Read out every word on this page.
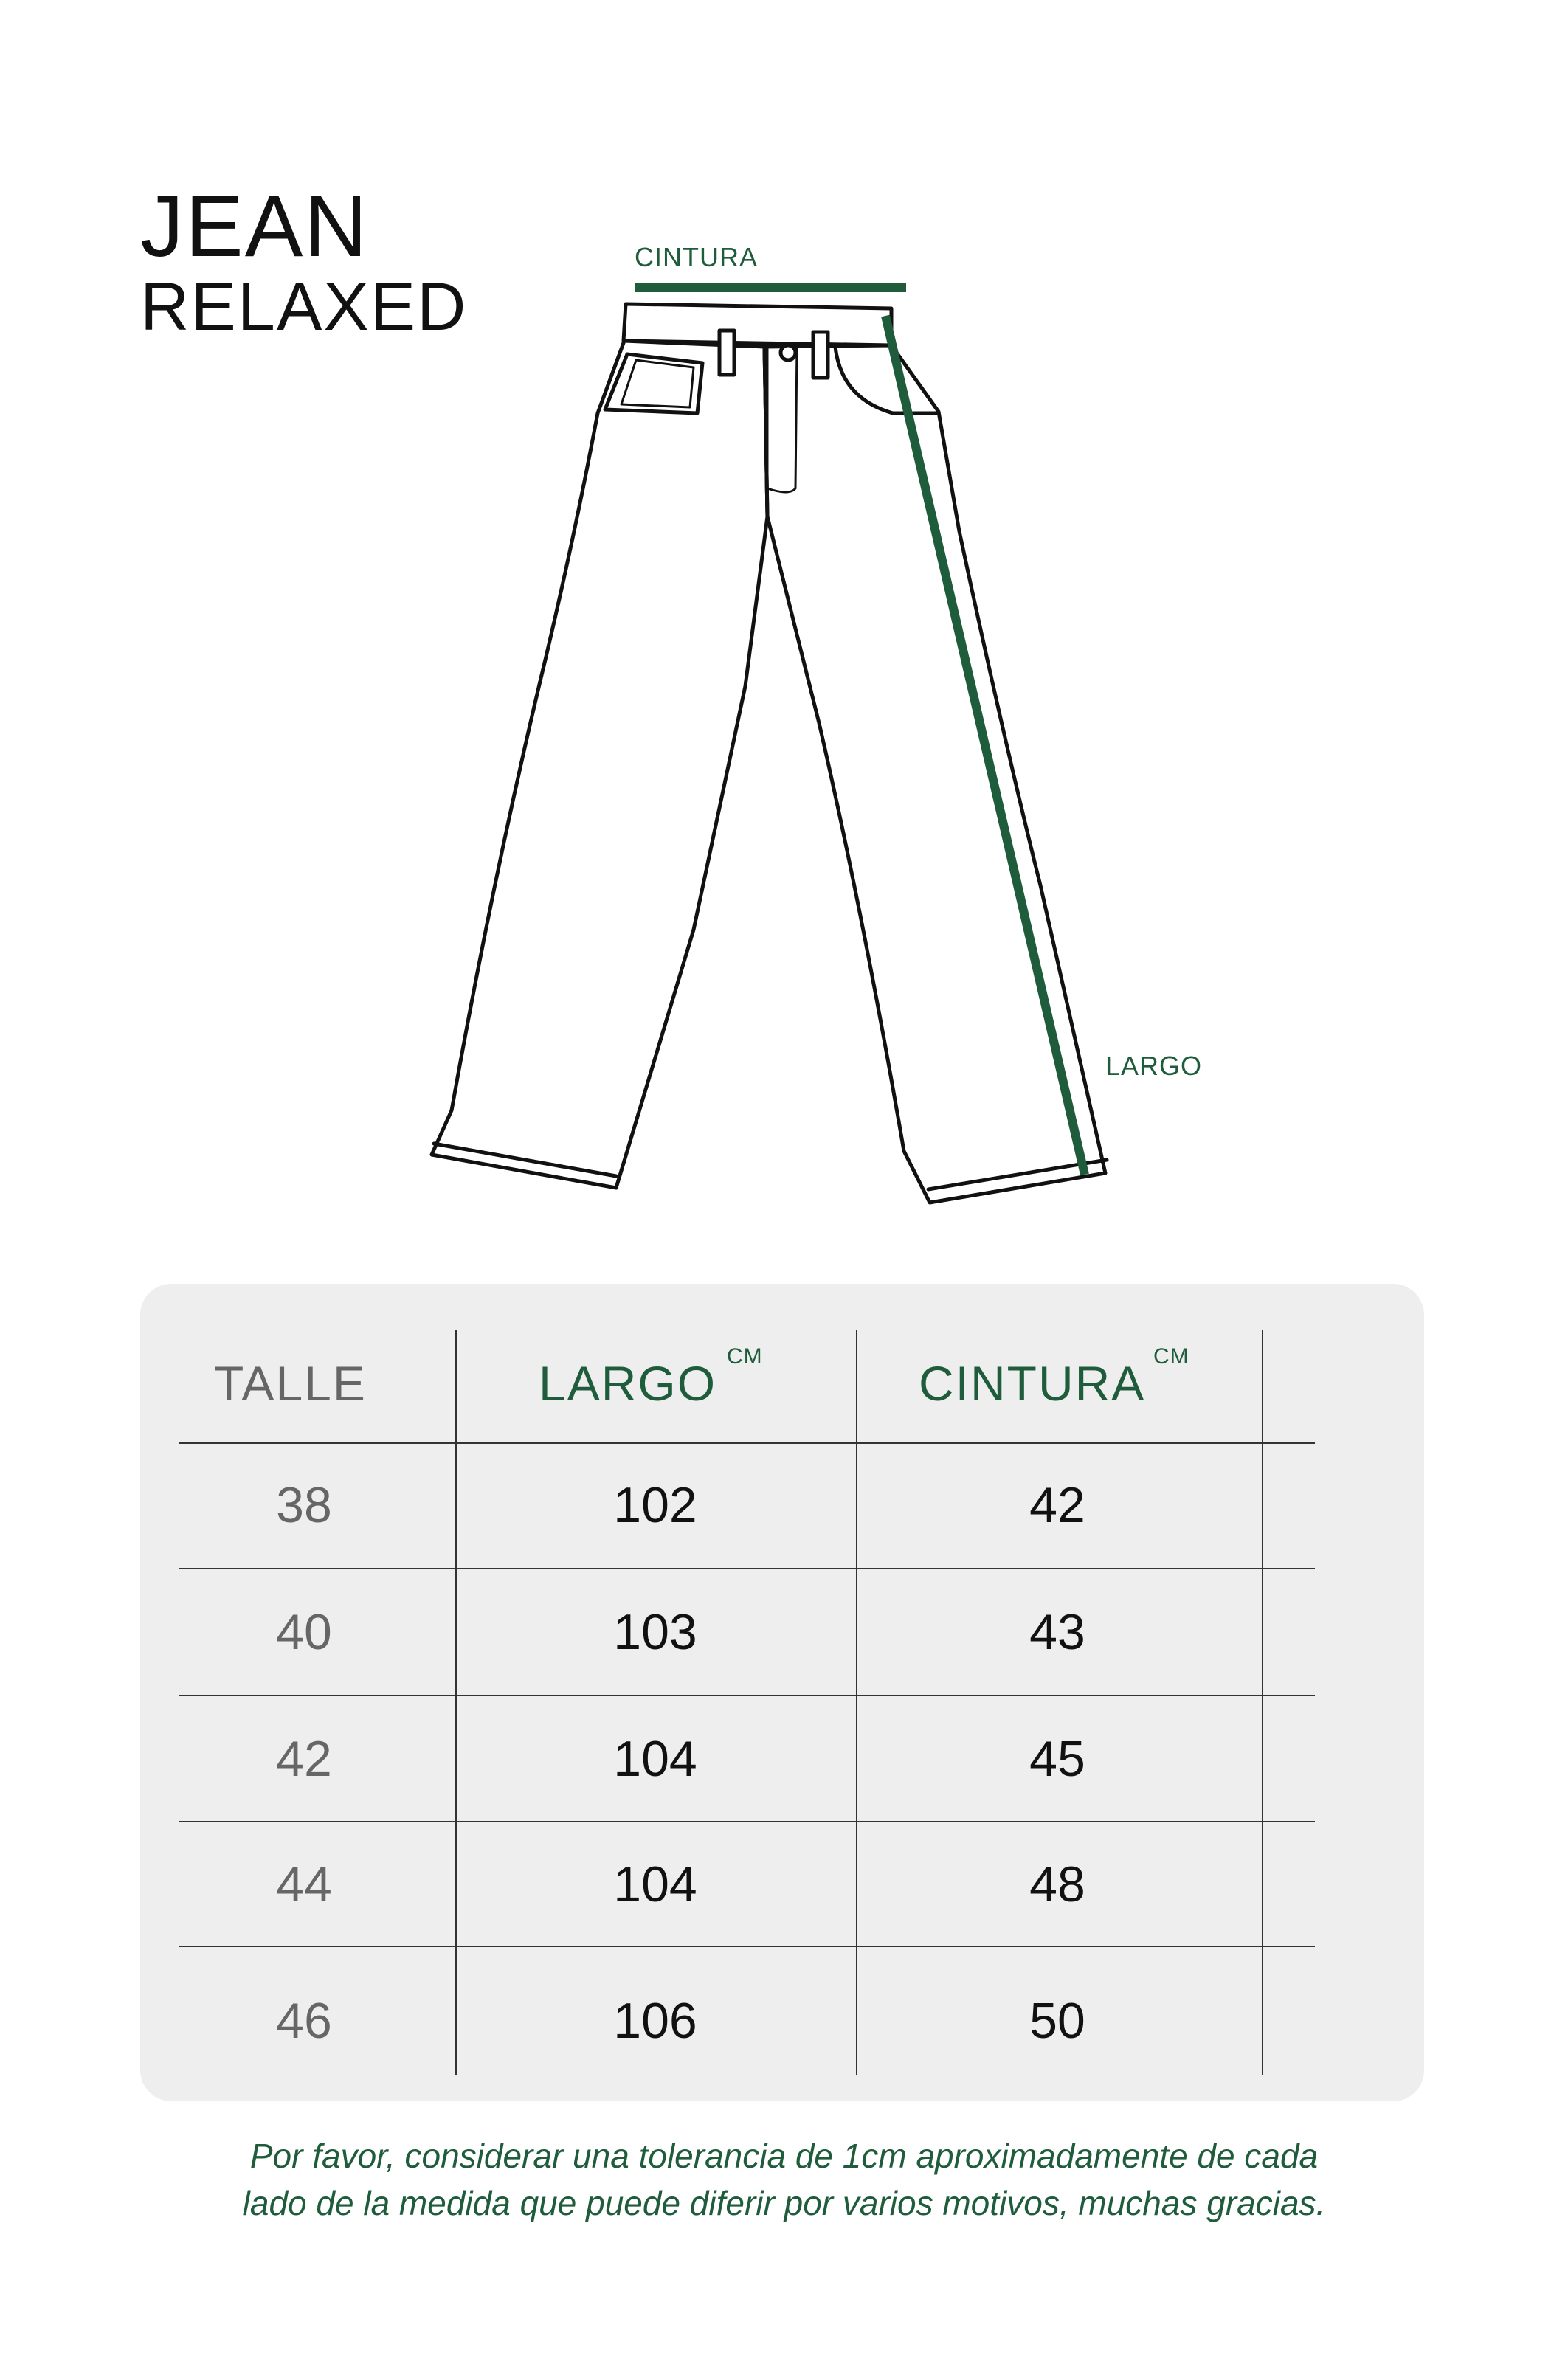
JEAN
RELAXED
CINTURA
LARGO
TALLE	LARGO CM	CINTURA CM
38	102	42
40	103	43
42	104	45
44	104	48
46	106	50
Por favor, considerar una tolerancia de 1cm aproximadamente de cada
lado de la medida que puede diferir por varios motivos, muchas gracias.
